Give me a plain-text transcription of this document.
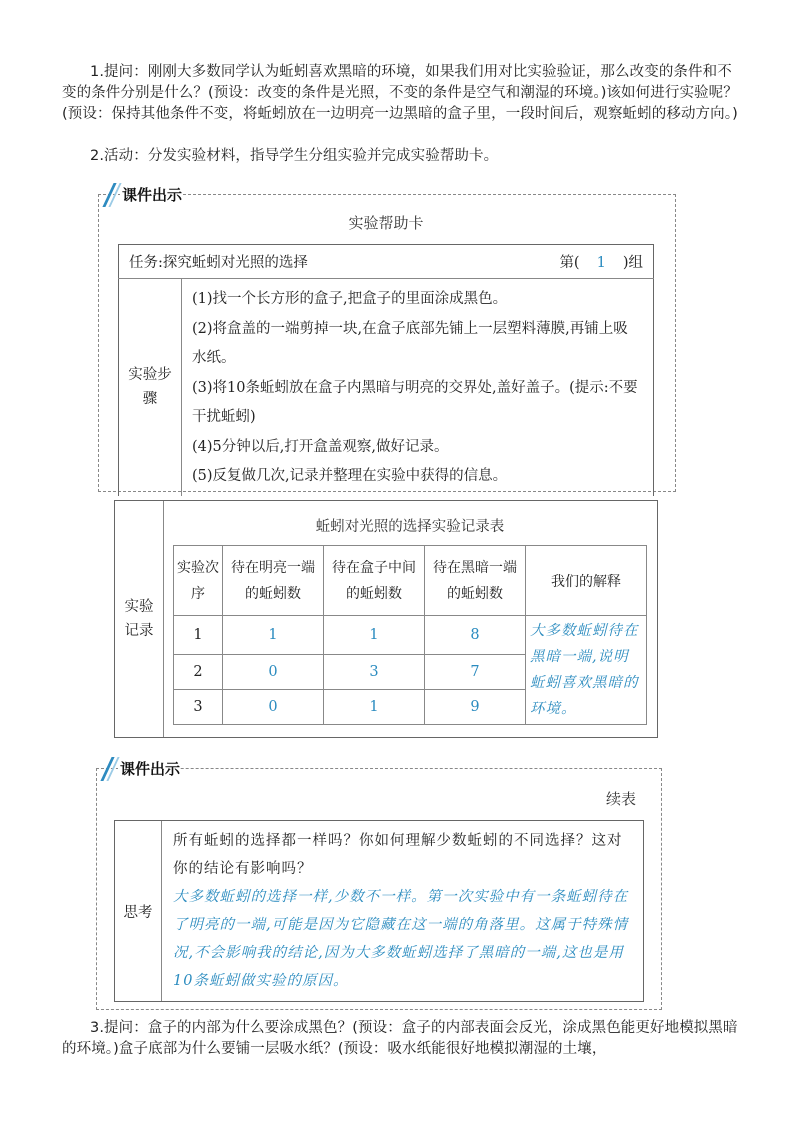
1.提问：刚刚大多数同学认为蚯蚓喜欢黑暗的环境，如果我们用对比实验验证，那么改变的条件和不变的条件分别是什么？(预设：改变的条件是光照，不变的条件是空气和潮湿的环境。)该如何进行实验呢？(预设：保持其他条件不变，将蚯蚓放在一边明亮一边黑暗的盒子里，一段时间后，观察蚯蚓的移动方向。)
2.活动：分发实验材料，指导学生分组实验并完成实验帮助卡。
课件出示
实验帮助卡
任务:探究蚯蚓对光照的选择	第( 1 )组

实验步骤	
(1)找一个长方形的盒子,把盒子的里面涂成黑色。
(2)将盒盖的一端剪掉一块,在盒子底部先铺上一层塑料薄膜,再铺上吸水纸。
(3)将10条蚯蚓放在盒子内黑暗与明亮的交界处,盖好盖子。(提示:不要干扰蚯蚓)
(4)5分钟以后,打开盒盖观察,做好记录。
(5)反复做几次,记录并整理在实验中获得的信息。
实验记录
蚯蚓对光照的选择实验记录表
实验次序	待在明亮一端的蚯蚓数	待在盒子中间的蚯蚓数	待在黑暗一端的蚯蚓数	我们的解释
1	1	1	8	大多数蚯蚓待在黑暗一端,说明蚯蚓喜欢黑暗的环境。
2	0	3	7	
3	0	1	9	
课件出示
续表
思考
所有蚯蚓的选择都一样吗？你如何理解少数蚯蚓的不同选择？这对你的结论有影响吗？
大多数蚯蚓的选择一样,少数不一样。第一次实验中有一条蚯蚓待在了明亮的一端,可能是因为它隐藏在这一端的角落里。这属于特殊情况,不会影响我的结论,因为大多数蚯蚓选择了黑暗的一端,这也是用10条蚯蚓做实验的原因。
3.提问：盒子的内部为什么要涂成黑色？(预设：盒子的内部表面会反光，涂成黑色能更好地模拟黑暗的环境。)盒子底部为什么要铺一层吸水纸？(预设：吸水纸能很好地模拟潮湿的土壤，
